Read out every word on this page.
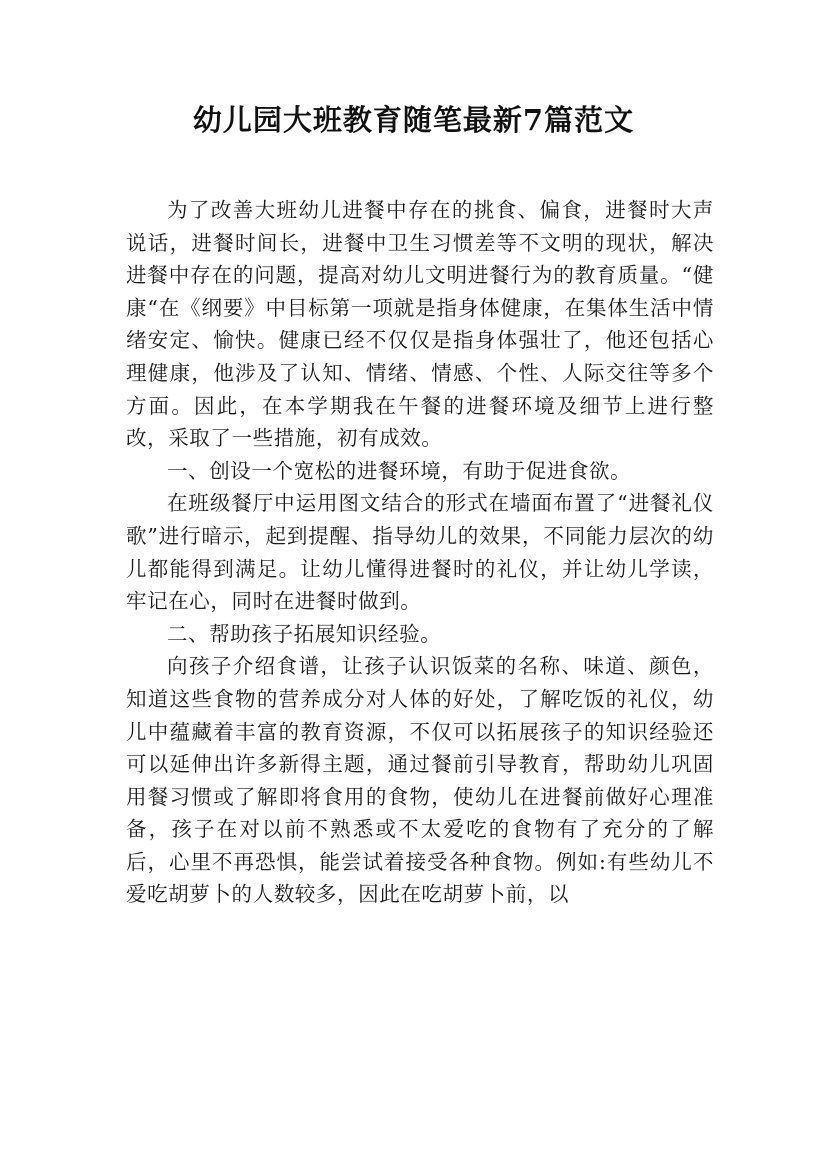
幼儿园大班教育随笔最新7篇范文

为了改善大班幼儿进餐中存在的挑食、偏食，进餐时大声说话，进餐时间长，进餐中卫生习惯差等不文明的现状，解决进餐中存在的问题，提高对幼儿文明进餐行为的教育质量。“健康“在《纲要》中目标第一项就是指身体健康，在集体生活中情绪安定、愉快。健康已经不仅仅是指身体强壮了，他还包括心理健康，他涉及了认知、情绪、情感、个性、人际交往等多个方面。因此，在本学期我在午餐的进餐环境及细节上进行整改，采取了一些措施，初有成效。

一、创设一个宽松的进餐环境，有助于促进食欲。

在班级餐厅中运用图文结合的形式在墙面布置了“进餐礼仪歌”进行暗示，起到提醒、指导幼儿的效果，不同能力层次的幼儿都能得到满足。让幼儿懂得进餐时的礼仪，并让幼儿学读，牢记在心，同时在进餐时做到。

二、帮助孩子拓展知识经验。

向孩子介绍食谱，让孩子认识饭菜的名称、味道、颜色，知道这些食物的营养成分对人体的好处，了解吃饭的礼仪，幼儿中蕴藏着丰富的教育资源，不仅可以拓展孩子的知识经验还可以延伸出许多新得主题，通过餐前引导教育，帮助幼儿巩固用餐习惯或了解即将食用的食物，使幼儿在进餐前做好心理准备，孩子在对以前不熟悉或不太爱吃的食物有了充分的了解后，心里不再恐惧，能尝试着接受各种食物。例如:有些幼儿不爱吃胡萝卜的人数较多，因此在吃胡萝卜前，以
